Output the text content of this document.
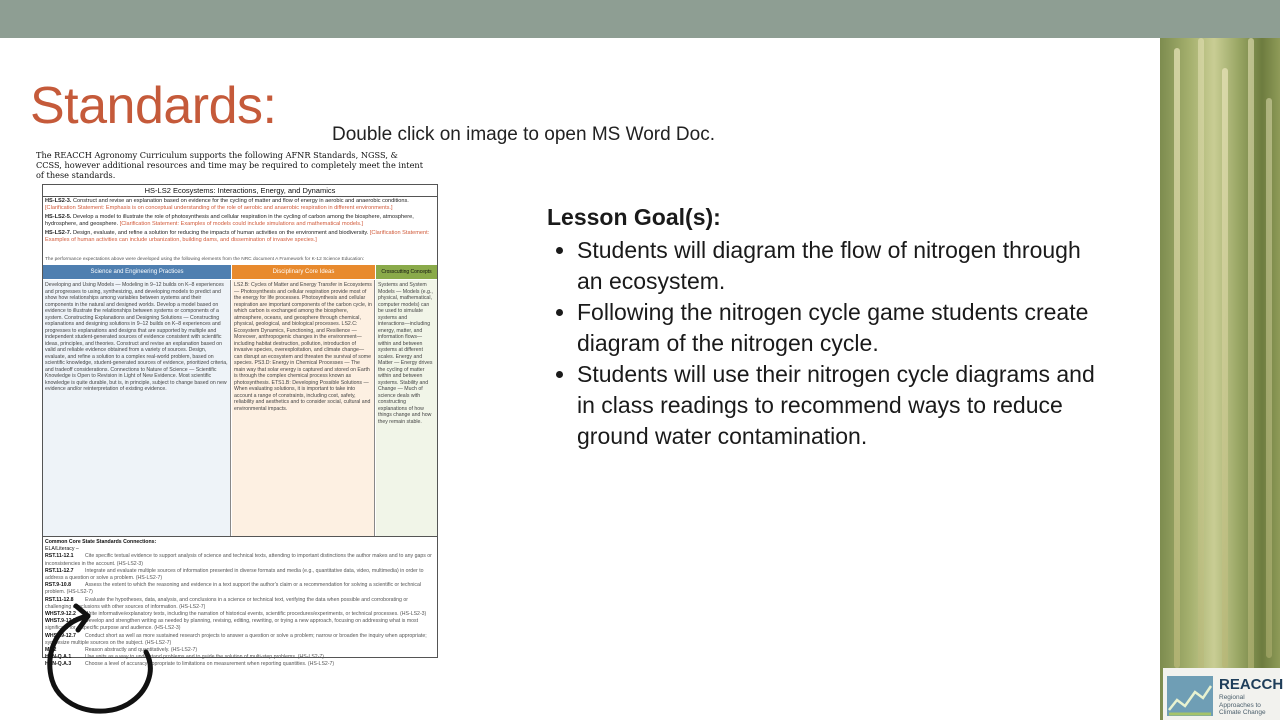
Standards:	Double click on image to open MS Word Doc.
The REACCH Agronomy Curriculum supports the following AFNR Standards, NGSS, & CCSS, however additional resources and time may be required to completely meet the intent of these standards.
HS-LS2 Ecosystems: Interactions, Energy, and Dynamics
HS-LS2-3. Construct and revise an explanation based on evidence for the cycling of matter and flow of energy in aerobic and anaerobic conditions. [Clarification Statement: Emphasis is on conceptual understanding of the role of aerobic and anaerobic respiration in different environments.]
HS-LS2-5. Develop a model to illustrate the role of photosynthesis and cellular respiration in the cycling of carbon among the biosphere, atmosphere, hydrosphere, and geosphere. [Clarification Statement: Examples of models could include simulations and mathematical models.]
HS-LS2-7. Design, evaluate, and refine a solution for reducing the impacts of human activities on the environment and biodiversity. [Clarification Statement: Examples of human activities can include urbanization, building dams, and dissemination of invasive species.]
The performance expectations above were developed using the following elements from the NRC document A Framework for K-12 Science Education:
Science and Engineering Practices	Disciplinary Core Ideas	Crosscutting Concepts
Developing and Using Models — Modeling in 9–12 builds on K–8 experiences and progresses to using, synthesizing, and developing models to predict and show how relationships among variables between systems and their components in the natural and designed worlds. Develop a model based on evidence to illustrate the relationships between systems or components of a system. Constructing Explanations and Designing Solutions — Constructing explanations and designing solutions in 9–12 builds on K–8 experiences and progresses to explanations and designs that are supported by multiple and independent student-generated sources of evidence consistent with scientific ideas, principles, and theories. Construct and revise an explanation based on valid and reliable evidence obtained from a variety of sources. Design, evaluate, and refine a solution to a complex real-world problem, based on scientific knowledge, student-generated sources of evidence, prioritized criteria, and tradeoff considerations. Connections to Nature of Science — Scientific Knowledge is Open to Revision in Light of New Evidence. Most scientific knowledge is quite durable, but is, in principle, subject to change based on new evidence and/or reinterpretation of existing evidence.
LS2.B: Cycles of Matter and Energy Transfer in Ecosystems — Photosynthesis and cellular respiration provide most of the energy for life processes. Photosynthesis and cellular respiration are important components of the carbon cycle, in which carbon is exchanged among the biosphere, atmosphere, oceans, and geosphere through chemical, physical, geological, and biological processes. LS2.C: Ecosystem Dynamics, Functioning, and Resilience — Moreover, anthropogenic changes in the environment—including habitat destruction, pollution, introduction of invasive species, overexploitation, and climate change—can disrupt an ecosystem and threaten the survival of some species. PS3.D: Energy in Chemical Processes — The main way that solar energy is captured and stored on Earth is through the complex chemical process known as photosynthesis. ETS1.B: Developing Possible Solutions — When evaluating solutions, it is important to take into account a range of constraints, including cost, safety, reliability and aesthetics and to consider social, cultural and environmental impacts.
Systems and System Models — Models (e.g., physical, mathematical, computer models) can be used to simulate systems and interactions—including energy, matter, and information flows—within and between systems at different scales. Energy and Matter — Energy drives the cycling of matter within and between systems. Stability and Change — Much of science deals with constructing explanations of how things change and how they remain stable.
Common Core State Standards Connections:
ELA/Literacy –
RST.11-12.1 Cite specific textual evidence to support analysis of science and technical texts, attending to important distinctions the author makes and to any gaps or inconsistencies in the account. (HS-LS2-3)
RST.11-12.7 Integrate and evaluate multiple sources of information presented in diverse formats and media (e.g., quantitative data, video, multimedia) in order to address a question or solve a problem. (HS-LS2-7)
RST.9-10.8	Assess the extent to which the reasoning and evidence in a text support the author's claim or a recommendation for solving a scientific or technical problem. (HS-LS2-7)
RST.11-12.8 Evaluate the hypotheses, data, analysis, and conclusions in a science or technical text, verifying the data when possible and corroborating or challenging conclusions with other sources of information. (HS-LS2-7)
WHST.9-12.2 Write informative/explanatory texts, including the narration of historical events, scientific procedures/experiments, or technical processes. (HS-LS2-3)
WHST.9-12.5 Develop and strengthen writing as needed by planning, revising, editing, rewriting, or trying a new approach, focusing on addressing what is most significant for a specific purpose and audience. (HS-LS2-3)
WHST.9-12.7 Conduct short as well as more sustained research projects to answer a question or solve a problem; narrow or broaden the inquiry when appropriate; synthesize multiple sources on the subject. (HS-LS2-7)
MP.2	Reason abstractly and quantitatively. (HS-LS2-7)
HSN-Q.A.1	Use units as a way to understand problems and to guide the solution of multi-step problems. (HS-LS2-7)
HSN-Q.A.3	Choose a level of accuracy appropriate to limitations on measurement when reporting quantities. (HS-LS2-7)
Lesson Goal(s):
• Students will diagram the flow of nitrogen through an ecosystem.
• Following the nitrogen cycle game students create diagram of the nitrogen cycle.
• Students will use their nitrogen cycle diagrams and in class readings to recommend ways to reduce ground water contamination.
REACCH
Regional Approaches to Climate Change
